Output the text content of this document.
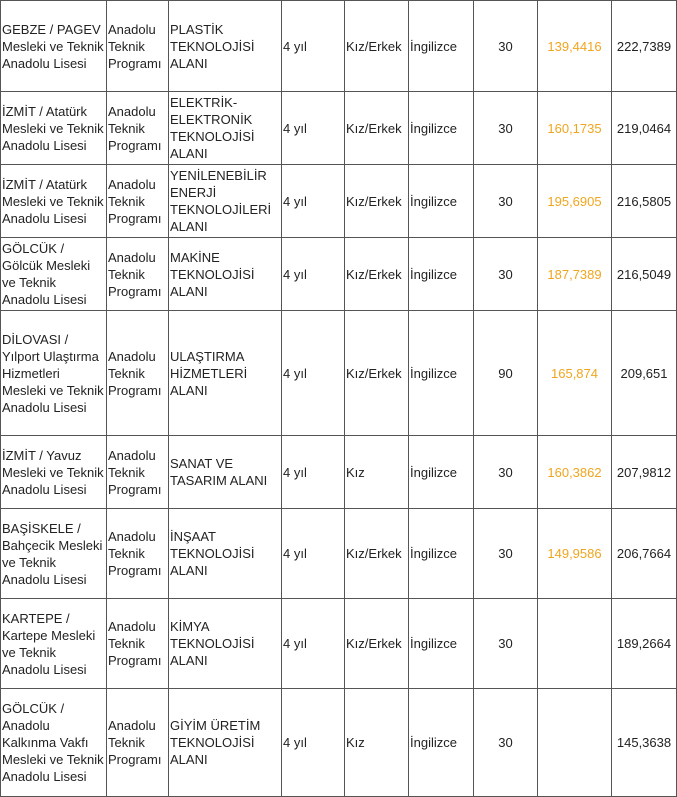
GEBZE / PAGEV Mesleki ve Teknik Anadolu Lisesi	Anadolu Teknik Programı	PLASTİK TEKNOLOJİSİ ALANI	4 yıl	Kız/Erkek	İngilizce	30	139,4416	222,7389

İZMİT / Atatürk Mesleki ve Teknik Anadolu Lisesi	Anadolu Teknik Programı	ELEKTRİK-ELEKTRONİK TEKNOLOJİSİ ALANI	4 yıl	Kız/Erkek	İngilizce	30	160,1735	219,0464

İZMİT / Atatürk Mesleki ve Teknik Anadolu Lisesi	Anadolu Teknik Programı	YENİLENEBİLİR ENERJİ TEKNOLOJİLERİ ALANI	4 yıl	Kız/Erkek	İngilizce	30	195,6905	216,5805

GÖLCÜK / Gölcük Mesleki ve Teknik Anadolu Lisesi	Anadolu Teknik Programı	MAKİNE TEKNOLOJİSİ ALANI	4 yıl	Kız/Erkek	İngilizce	30	187,7389	216,5049

DİLOVASI / Yılport Ulaştırma Hizmetleri Mesleki ve Teknik Anadolu Lisesi	Anadolu Teknik Programı	ULAŞTIRMA HİZMETLERİ ALANI	4 yıl	Kız/Erkek	İngilizce	90	165,874	209,651

İZMİT / Yavuz Mesleki ve Teknik Anadolu Lisesi	Anadolu Teknik Programı	SANAT VE TASARIM ALANI	4 yıl	Kız	İngilizce	30	160,3862	207,9812

BAŞİSKELE / Bahçecik Mesleki ve Teknik Anadolu Lisesi	Anadolu Teknik Programı	İNŞAAT TEKNOLOJİSİ ALANI	4 yıl	Kız/Erkek	İngilizce	30	149,9586	206,7664

KARTEPE / Kartepe Mesleki ve Teknik Anadolu Lisesi	Anadolu Teknik Programı	KİMYA TEKNOLOJİSİ ALANI	4 yıl	Kız/Erkek	İngilizce	30		189,2664

GÖLCÜK / Anadolu Kalkınma Vakfı Mesleki ve Teknik Anadolu Lisesi	Anadolu Teknik Programı	GİYİM ÜRETİM TEKNOLOJİSİ ALANI	4 yıl	Kız	İngilizce	30		145,3638
